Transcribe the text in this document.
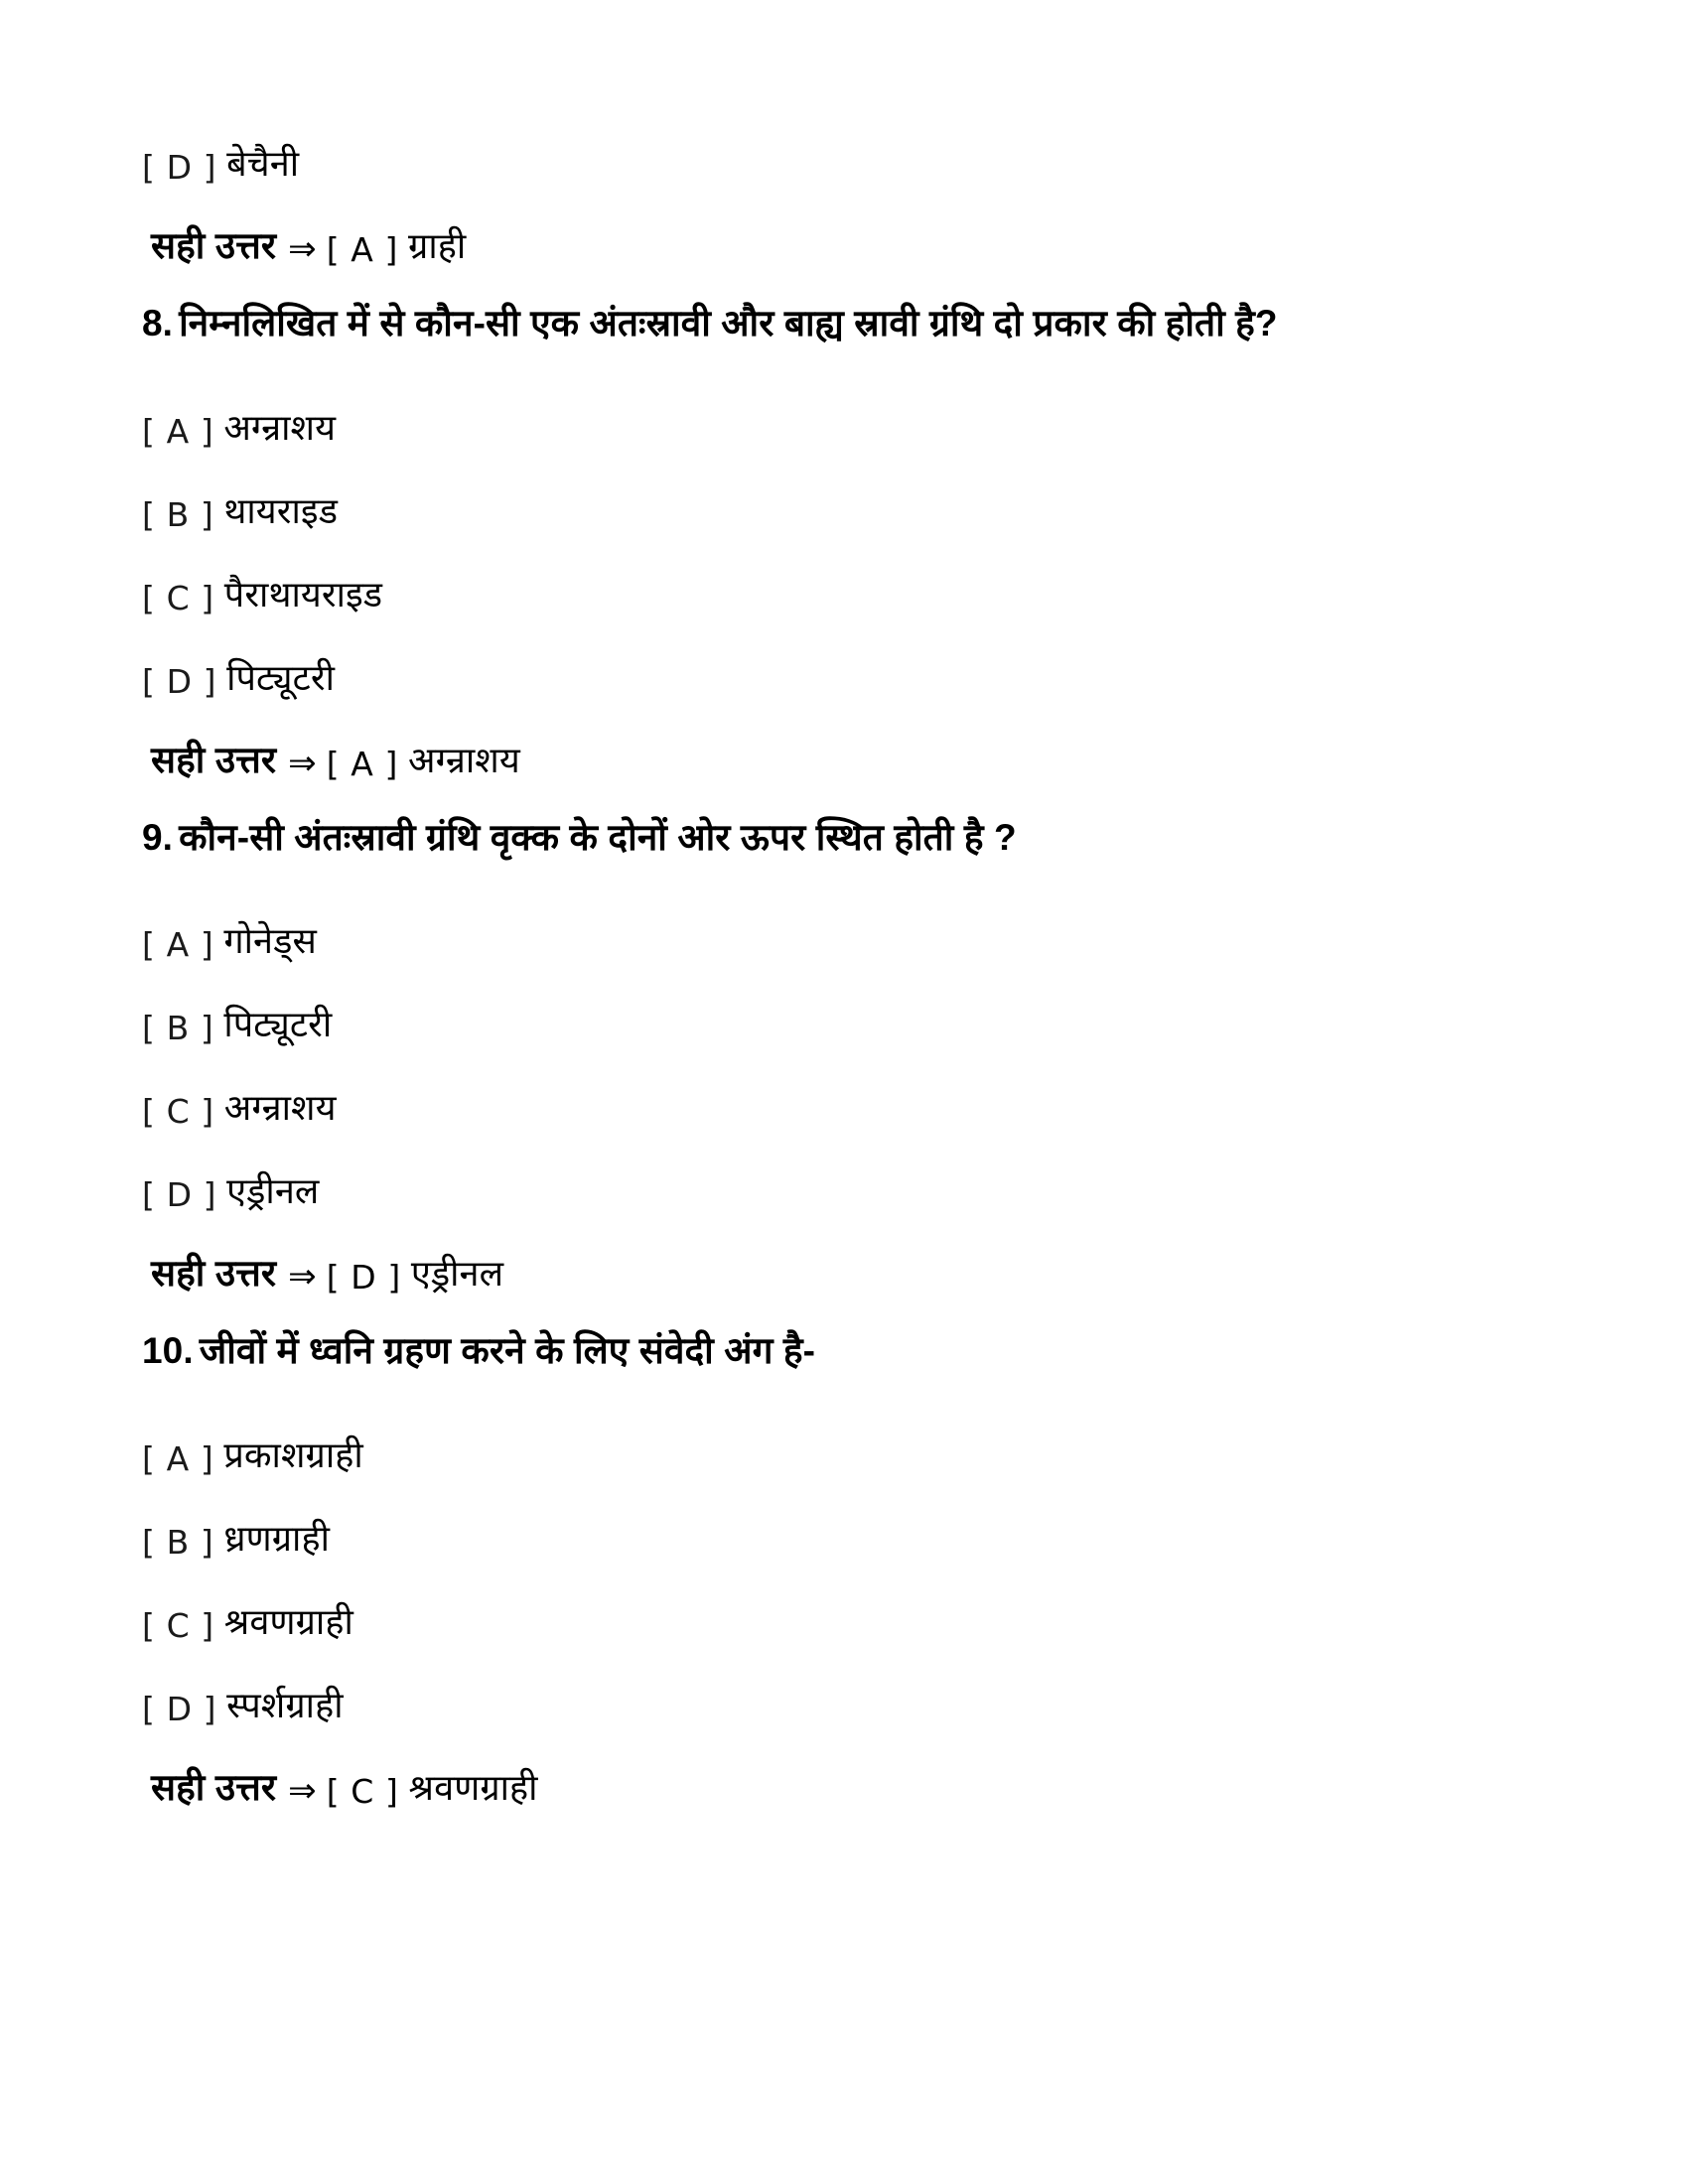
[ D ] बेचैनी
सही उत्तर ⇒ [ A ] ग्राही
8. निम्नलिखित में से कौन-सी एक अंतःस्रावी और बाह्य स्रावी ग्रंथि दो प्रकार की होती है?
[ A ] अग्न्राशय
[ B ] थायराइड
[ C ] पैराथायराइड
[ D ] पिट्यूटरी
सही उत्तर ⇒ [ A ] अग्न्राशय
9. कौन-सी अंतःस्रावी ग्रंथि वृक्क के दोनों ओर ऊपर स्थित होती है ?
[ A ] गोनेड्स
[ B ] पिट्यूटरी
[ C ] अग्न्राशय
[ D ] एड्रीनल
सही उत्तर ⇒ [ D ] एड्रीनल
10. जीवों में ध्वनि ग्रहण करने के लिए संवेदी अंग है-
[ A ] प्रकाशग्राही
[ B ] ध्रणग्राही
[ C ] श्रवणग्राही
[ D ] स्पर्शग्राही
सही उत्तर ⇒ [ C ] श्रवणग्राही
